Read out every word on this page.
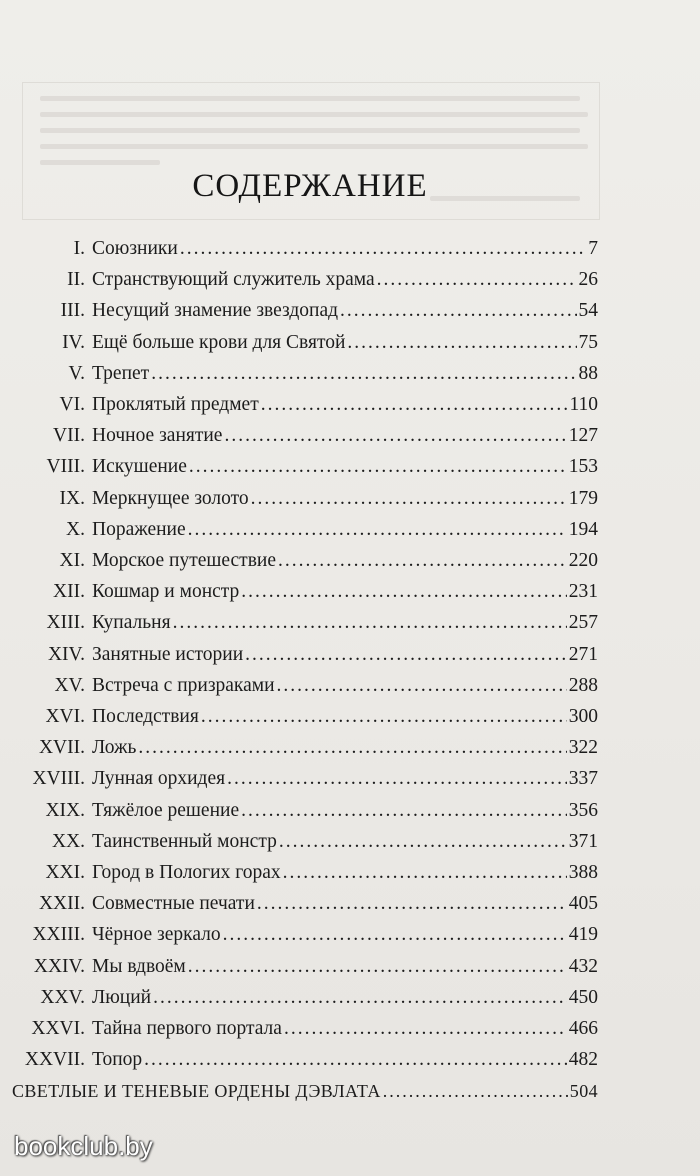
СОДЕРЖАНИЕ
I. Союзники .....	7
II. Странствующий служитель храма .....	26
III. Несущий знамение звездопад .....	54
IV. Ещё больше крови для Святой .....	75
V. Трепет .....	88
VI. Проклятый предмет .....	110
VII. Ночное занятие .....	127
VIII. Искушение .....	153
IX. Меркнущее золото .....	179
X. Поражение .....	194
XI. Морское путешествие .....	220
XII. Кошмар и монстр .....	231
XIII. Купальня .....	257
XIV. Занятные истории .....	271
XV. Встреча с призраками .....	288
XVI. Последствия .....	300
XVII. Ложь .....	322
XVIII. Лунная орхидея .....	337
XIX. Тяжёлое решение .....	356
XX. Таинственный монстр .....	371
XXI. Город в Пологих горах .....	388
XXII. Совместные печати .....	405
XXIII. Чёрное зеркало .....	419
XXIV. Мы вдвоём .....	432
XXV. Люций .....	450
XXVI. Тайна первого портала .....	466
XXVII. Топор .....	482
СВЕТЛЫЕ И ТЕНЕВЫЕ ОРДЕНЫ ДЭВЛАТА .....	504
bookclub.by
